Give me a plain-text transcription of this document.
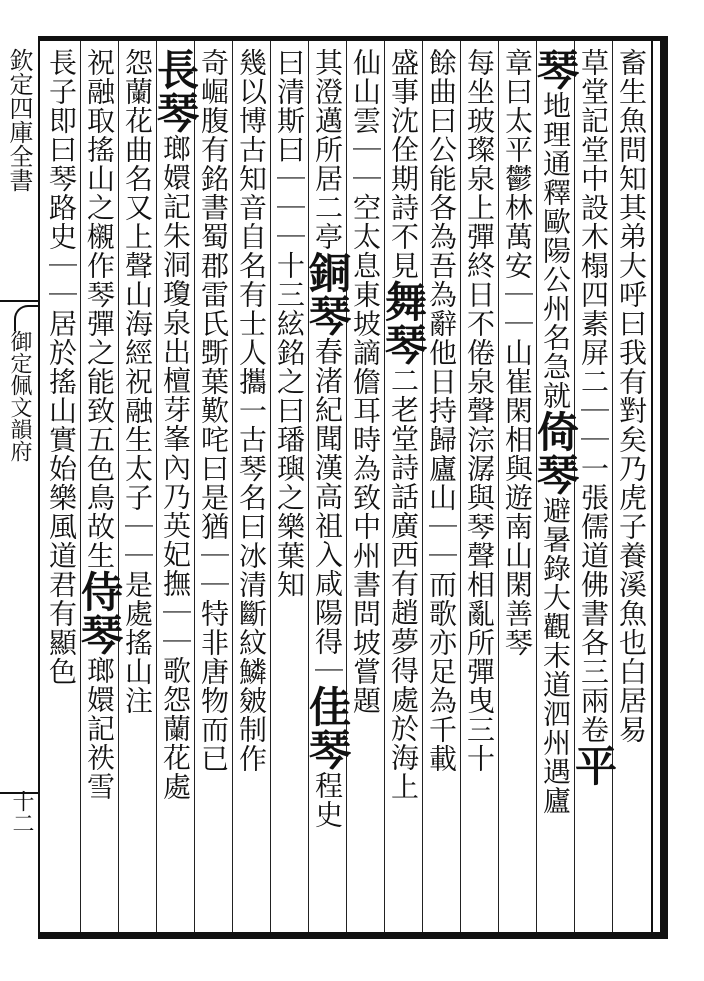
欽定四庫全書
御定佩文韻府
十二
畜生魚問知其弟大呼曰我有對矣乃虎子養溪魚也白居易
草堂記堂中設木榻四素屏二｜｜一張儒道佛書各三兩卷平
琴地理通釋歐陽公州名急就倚琴避暑錄大觀末道泗州遇廬
章曰太平鬱林萬安｜｜山崔閑相與遊南山閑善琴
每坐玻璨泉上彈終日不倦泉聲淙潺與琴聲相亂所彈曳三十
餘曲曰公能各為吾為辭他日持歸廬山｜｜而歌亦足為千載
盛事沈佺期詩不見舞琴二老堂詩話廣西有趙夢得處於海上
仙山雲｜｜空太息東坡謫儋耳時為致中州書問坡嘗題
其澄邁所居二亭銅琴春渚紀聞漢高祖入咸陽得｜佳琴程史
曰清斯曰｜｜｜十三絃銘之曰璠璵之樂葉知
幾以博古知音自名有士人攜一古琴名曰冰清斷紋鱗皴制作
奇崛腹有銘書蜀郡雷氏斲葉歎咤曰是猶｜｜特非唐物而已
長琴瑯嬛記朱洞瓊泉出檀芽峯內乃英妃撫｜｜歌怨蘭花處
怨蘭花曲名又上聲山海經祝融生太子｜｜是處搖山注
祝融取搖山之櫬作琴彈之能致五色鳥故生侍琴瑯嬛記祑雪
長子即曰琴路史｜｜居於搖山實始樂風道君有顯色
